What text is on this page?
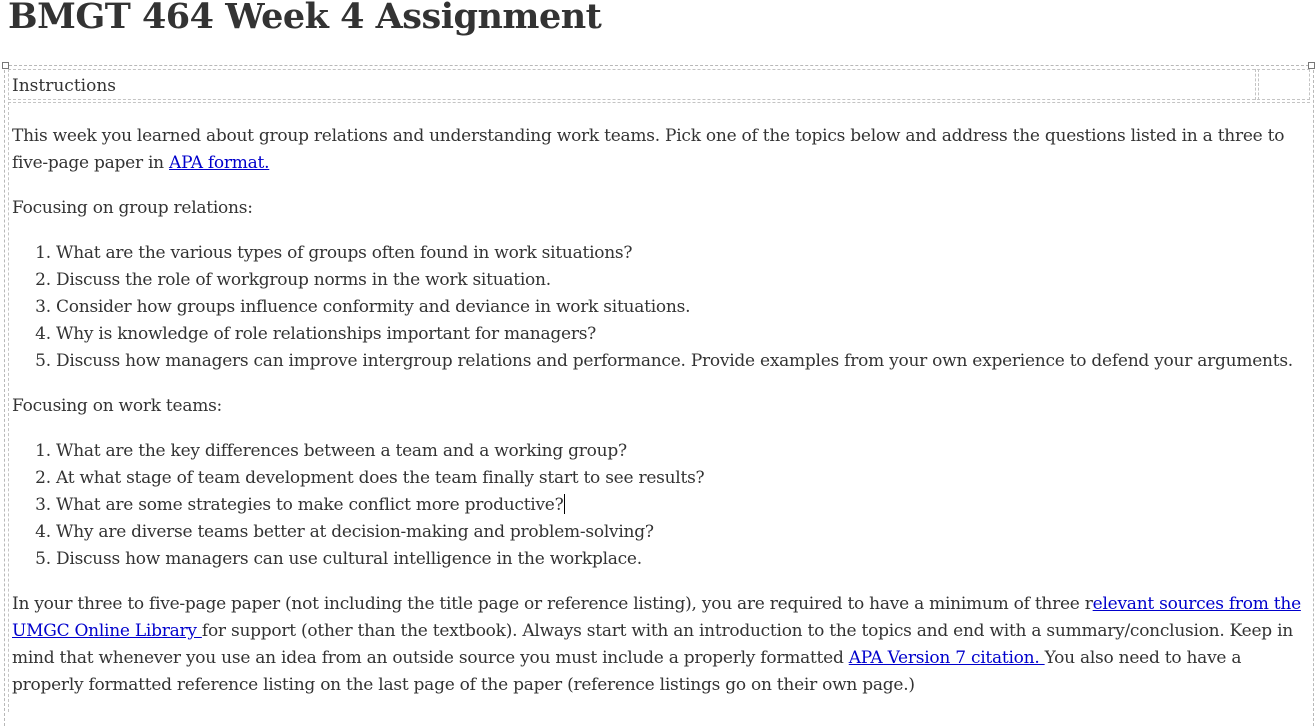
BMGT 464 Week 4 Assignment
Instructions

This week you learned about group relations and understanding work teams. Pick one of the topics below and address the questions listed in a three to five-page paper in APA format.

Focusing on group relations:

1. What are the various types of groups often found in work situations?
2. Discuss the role of workgroup norms in the work situation.
3. Consider how groups influence conformity and deviance in work situations.
4. Why is knowledge of role relationships important for managers?
5. Discuss how managers can improve intergroup relations and performance. Provide examples from your own experience to defend your arguments.

Focusing on work teams:

1. What are the key differences between a team and a working group?
2. At what stage of team development does the team finally start to see results?
3. What are some strategies to make conflict more productive?
4. Why are diverse teams better at decision-making and problem-solving?
5. Discuss how managers can use cultural intelligence in the workplace.

In your three to five-page paper (not including the title page or reference listing), you are required to have a minimum of three relevant sources from the UMGC Online Library for support (other than the textbook). Always start with an introduction to the topics and end with a summary/conclusion. Keep in mind that whenever you use an idea from an outside source you must include a properly formatted APA Version 7 citation. You also need to have a properly formatted reference listing on the last page of the paper (reference listings go on their own page.)
